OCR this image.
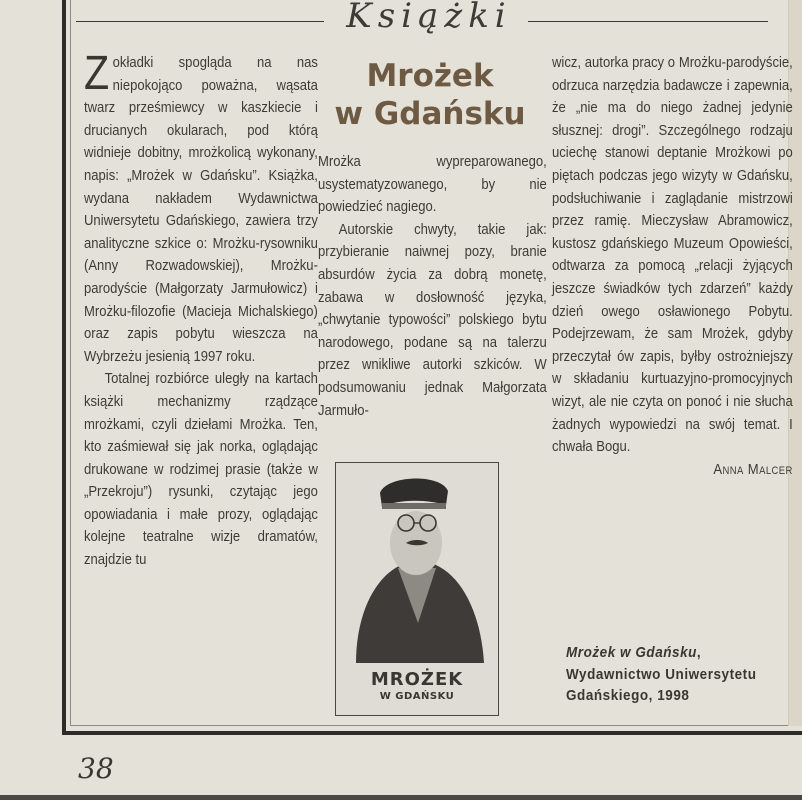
Książki

Zokładki spogląda na nas niepokojąco poważna, wąsata twarz prześmiewcy w kaszkiecie i drucianych okularach, pod którą widnieje dobitny, mrożkolicą wykonany, napis: „Mrożek w Gdańsku”. Książka, wydana nakładem Wydawnictwa Uniwersytetu Gdańskiego, zawiera trzy analityczne szkice o: Mrożku-rysowniku (Anny Rozwadowskiej), Mrożku-parodyście (Małgorzaty Jarmułowicz) i Mrożku-filozofie (Macieja Michalskiego) oraz zapis pobytu wieszcza na Wybrzeżu jesienią 1997 roku.

Totalnej rozbiórce uległy na kartach książki mechanizmy rządzące mrożkami, czyli dziełami Mrożka. Ten, kto zaśmiewał się jak norka, oglądając drukowane w rodzimej prasie (także w „Przekroju”) rysunki, czytając jego opowiadania i małe prozy, oglądając kolejne teatralne wizje dramatów, znajdzie tu

Mrożek
w Gdańsku

Mrożka wypreparowanego, usystematyzowanego, by nie powiedzieć nagiego.

Autorskie chwyty, takie jak: przybieranie naiwnej pozy, branie absurdów życia za dobrą monetę, zabawa w dosłowność języka, „chwytanie typowości” polskiego bytu narodowego, podane są na talerzu przez wnikliwe autorki szkiców. W podsumowaniu jednak Małgorzata Jarmuło-

MROŻEK
W GDAŃSKU

wicz, autorka pracy o Mrożku-parodyście, odrzuca narzędzia badawcze i zapewnia, że „nie ma do niego żadnej jedynie słusznej: drogi”. Szczególnego rodzaju uciechę stanowi deptanie Mrożkowi po piętach podczas jego wizyty w Gdańsku, podsłuchiwanie i zaglądanie mistrzowi przez ramię. Mieczysław Abramowicz, kustosz gdańskiego Muzeum Opowieści, odtwarza za pomocą „relacji żyjących jeszcze świadków tych zdarzeń” każdy dzień owego osławionego Pobytu. Podejrzewam, że sam Mrożek, gdyby przeczytał ów zapis, byłby ostrożniejszy w składaniu kurtuazyjno-promocyjnych wizyt, ale nie czyta on ponoć i nie słucha żadnych wypowiedzi na swój temat. I chwała Bogu.

Anna Malcer

Mrożek w Gdańsku, Wydawnictwo Uniwersytetu Gdańskiego, 1998
38
